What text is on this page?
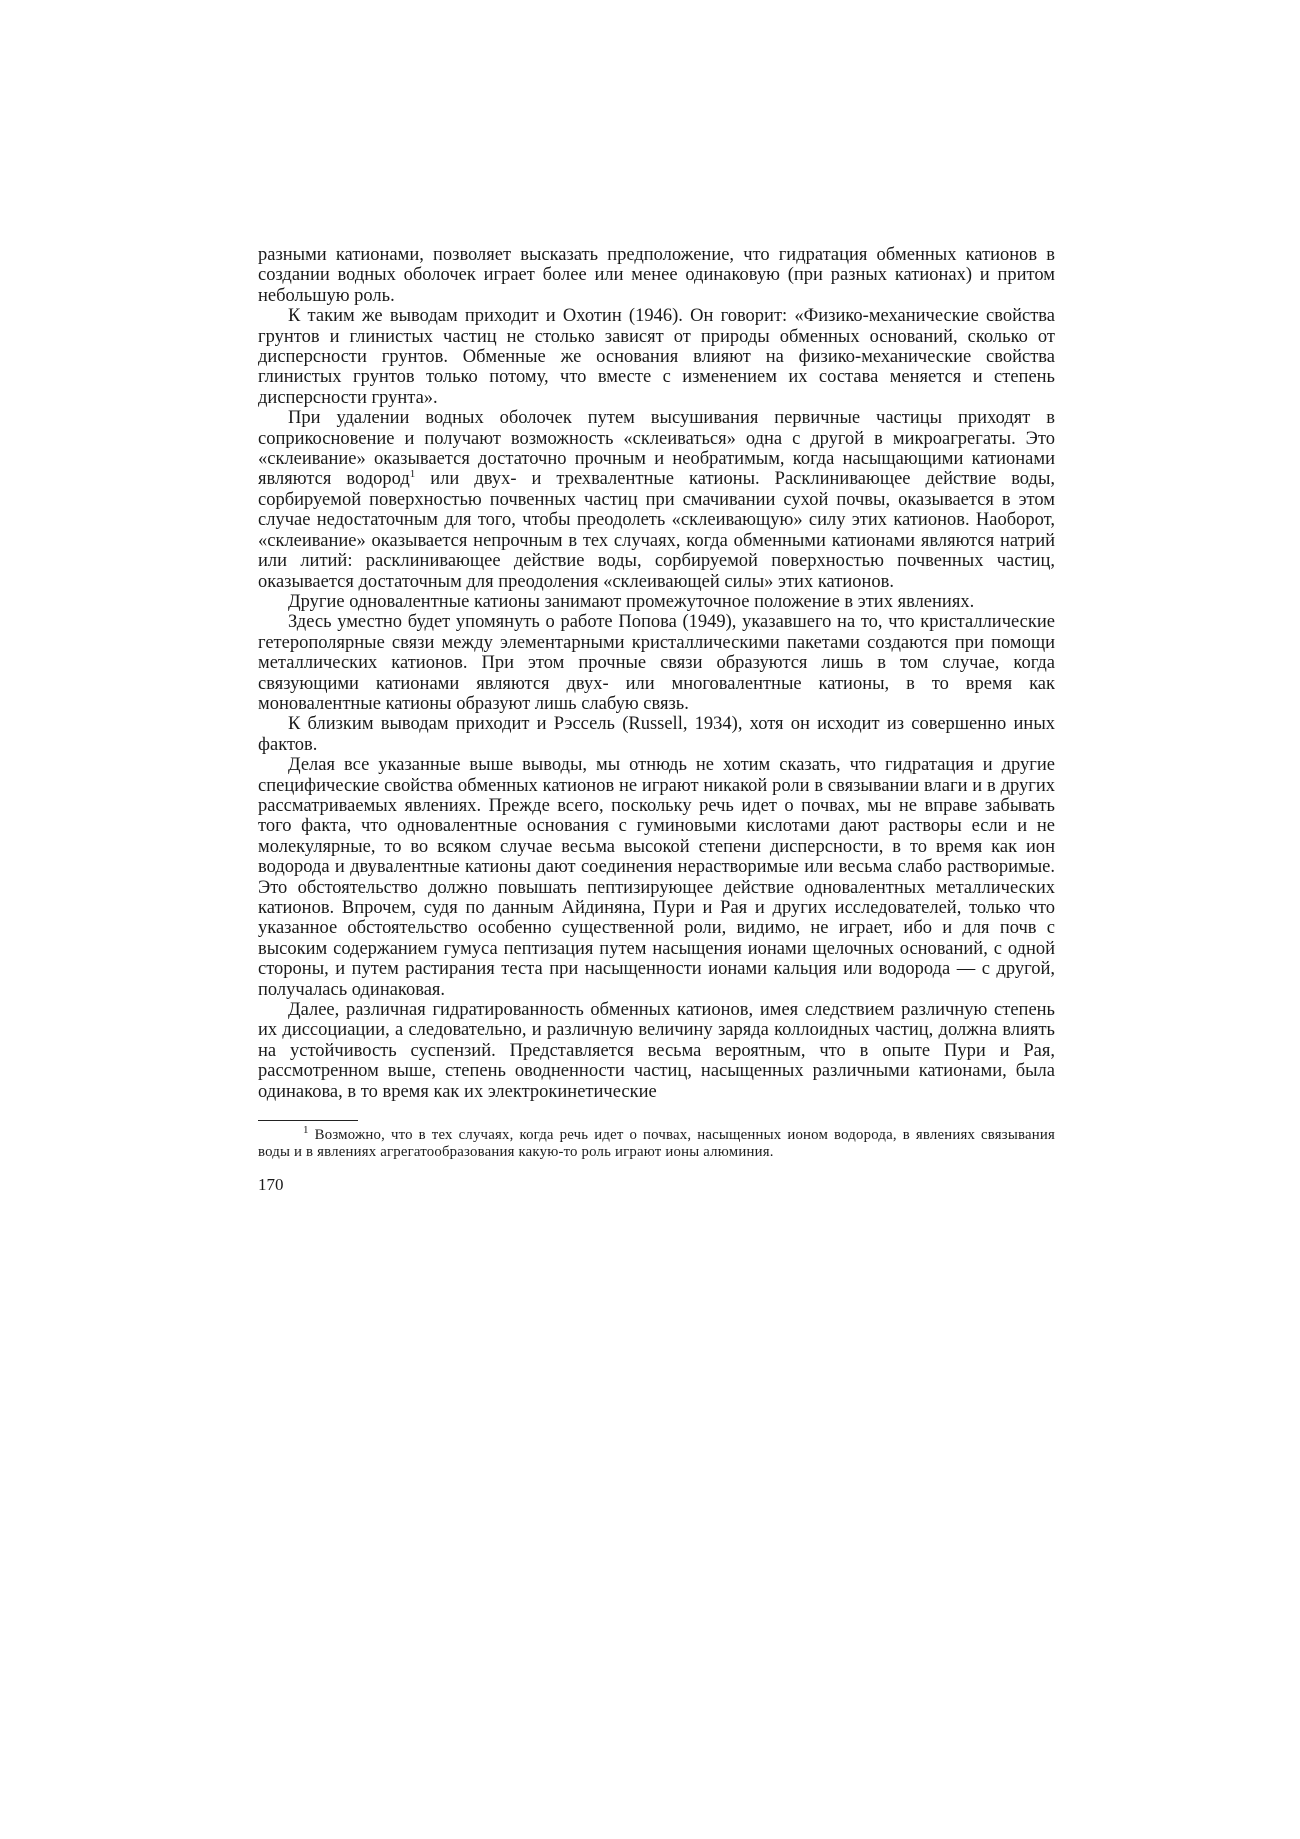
разными катионами, позволяет высказать предположение, что гидратация обменных катионов в создании водных оболочек играет более или менее одинаковую (при разных катионах) и притом небольшую роль.

К таким же выводам приходит и Охотин (1946). Он говорит: «Физико-механические свойства грунтов и глинистых частиц не столько зависят от природы обменных оснований, сколько от дисперсности грунтов. Обменные же основания влияют на физико-механические свойства глинистых грунтов только потому, что вместе с изменением их состава меняется и степень дисперсности грунта».

При удалении водных оболочек путем высушивания первичные частицы приходят в соприкосновение и получают возможность «склеиваться» одна с другой в микроагрегаты. Это «склеивание» оказывается достаточно прочным и необратимым, когда насыщающими катионами являются водород$^1$ или двух- и трехвалентные катионы. Расклинивающее действие воды, сорбируемой поверхностью почвенных частиц при смачивании сухой почвы, оказывается в этом случае недостаточным для того, чтобы преодолеть «склеивающую» силу этих катионов. Наоборот, «склеивание» оказывается непрочным в тех случаях, когда обменными катионами являются натрий или литий: расклинивающее действие воды, сорбируемой поверхностью почвенных частиц, оказывается достаточным для преодоления «склеивающей силы» этих катионов.

Другие одновалентные катионы занимают промежуточное положение в этих явлениях.

Здесь уместно будет упомянуть о работе Попова (1949), указавшего на то, что кристаллические гетерополярные связи между элементарными кристаллическими пакетами создаются при помощи металлических катионов. При этом прочные связи образуются лишь в том случае, когда связующими катионами являются двух- или многовалентные катионы, в то время как моновалентные катионы образуют лишь слабую связь.

К близким выводам приходит и Рэссель (Russell, 1934), хотя он исходит из совершенно иных фактов.

Делая все указанные выше выводы, мы отнюдь не хотим сказать, что гидратация и другие специфические свойства обменных катионов не играют никакой роли в связывании влаги и в других рассматриваемых явлениях. Прежде всего, поскольку речь идет о почвах, мы не вправе забывать того факта, что одновалентные основания с гуминовыми кислотами дают растворы если и не молекулярные, то во всяком случае весьма высокой степени дисперсности, в то время как ион водорода и двувалентные катионы дают соединения нерастворимые или весьма слабо растворимые. Это обстоятельство должно повышать пептизирующее действие одновалентных металлических катионов. Впрочем, судя по данным Айдиняна, Пури и Рая и других исследователей, только что указанное обстоятельство особенно существенной роли, видимо, не играет, ибо и для почв с высоким содержанием гумуса пептизация путем насыщения ионами щелочных оснований, с одной стороны, и путем растирания теста при насыщенности ионами кальция или водорода — с другой, получалась одинаковая.

Далее, различная гидратированность обменных катионов, имея следствием различную степень их диссоциации, а следовательно, и различную величину заряда коллоидных частиц, должна влиять на устойчивость суспензий. Представляется весьма вероятным, что в опыте Пури и Рая, рассмотренном выше, степень оводненности частиц, насыщенных различными катионами, была одинакова, в то время как их электрокинетические

$^1$ Возможно, что в тех случаях, когда речь идет о почвах, насыщенных ионом водорода, в явлениях связывания воды и в явлениях агрегатообразования какую-то роль играют ионы алюминия.

170
